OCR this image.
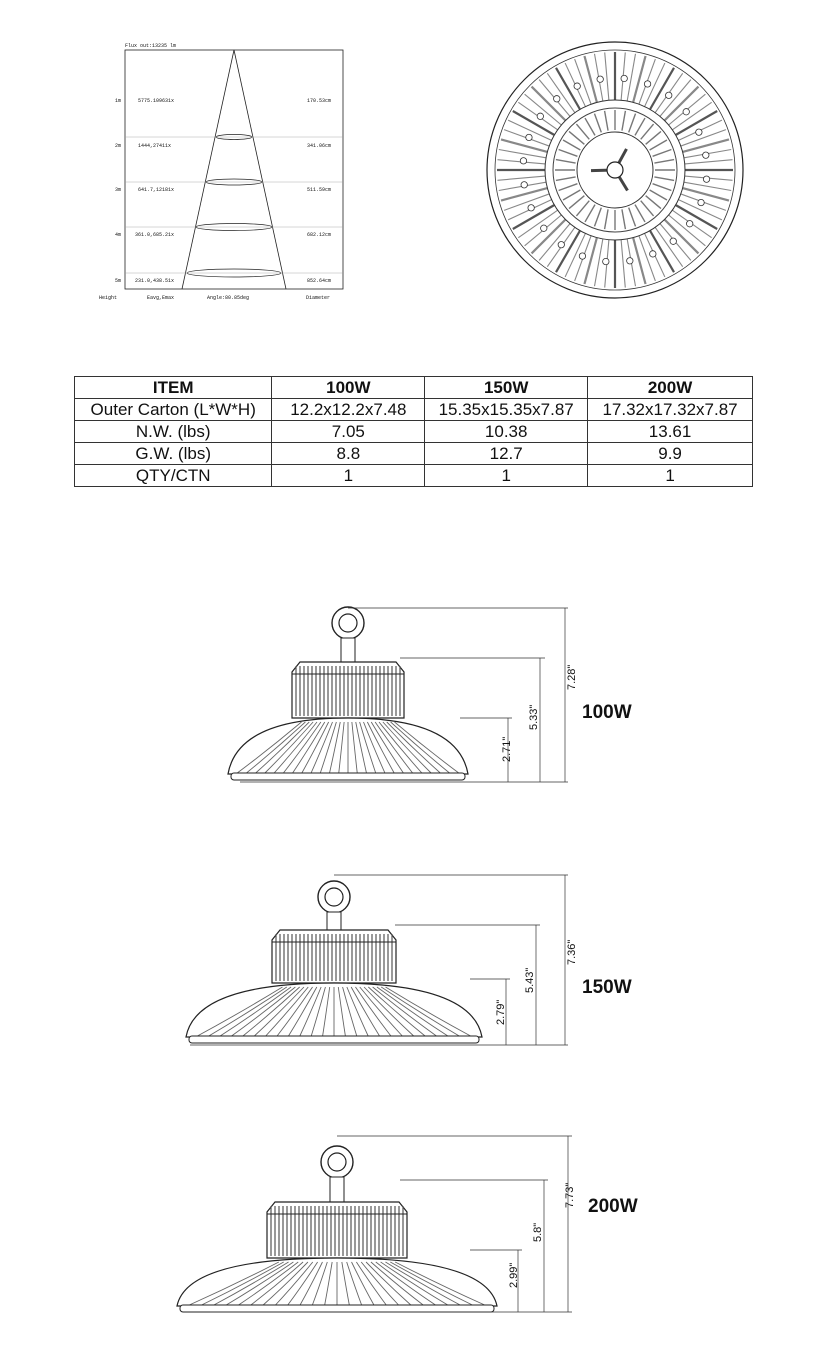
Flux out:13235 lm
1m	5775.109631x	170.53cm
2m	1444,27411x	341.06cm
3m	641.7,12181x	511.59cm
4m	361.0,685.21x	682.12cm
5m	231.0,438.51x	852.64cm
Height	Eavg,Emax	Angle:80.85deg	Diameter
ITEM	100W	150W	200W
Outer Carton (L*W*H)	12.2x12.2x7.48	15.35x15.35x7.87	17.32x17.32x7.87
N.W. (lbs)	7.05	10.38	13.61
G.W. (lbs)	8.8	12.7	9.9
QTY/CTN	1	1	1
100W
7.28"
5.33"
2.71"
150W
7.36"
5.43"
2.79"
200W
7.73"
5.8"
2.99"
